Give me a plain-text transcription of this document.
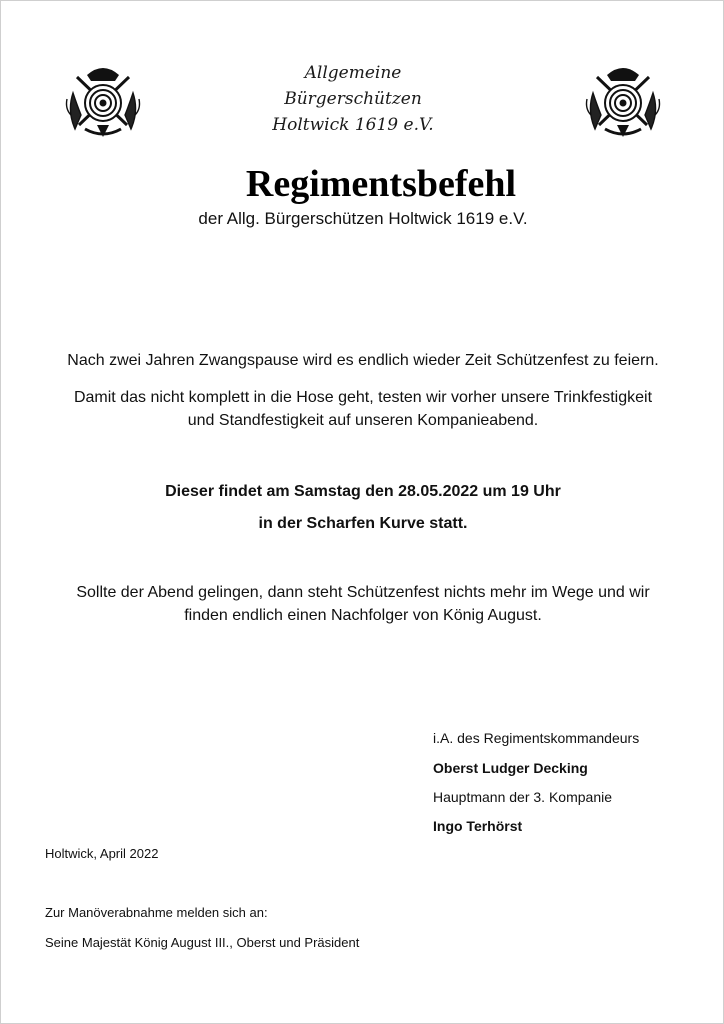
Allgemeine
Bürgerschützen
Holtwick 1619 e.V.
Regimentsbefehl
der Allg. Bürgerschützen Holtwick 1619 e.V.
Nach zwei Jahren Zwangspause wird es endlich wieder Zeit Schützenfest zu feiern.
Damit das nicht komplett in die Hose geht, testen wir vorher unsere Trinkfestigkeit
und Standfestigkeit auf unseren Kompanieabend.
Dieser findet am Samstag den 28.05.2022 um 19 Uhr
in der Scharfen Kurve statt.
Sollte der Abend gelingen, dann steht Schützenfest nichts mehr im Wege und wir
finden endlich einen Nachfolger von König August.
i.A. des Regimentskommandeurs
Oberst Ludger Decking
Hauptmann der 3. Kompanie
Ingo Terhörst
Holtwick, April 2022
Zur Manöverabnahme melden sich an:
Seine Majestät König August III., Oberst und Präsident
